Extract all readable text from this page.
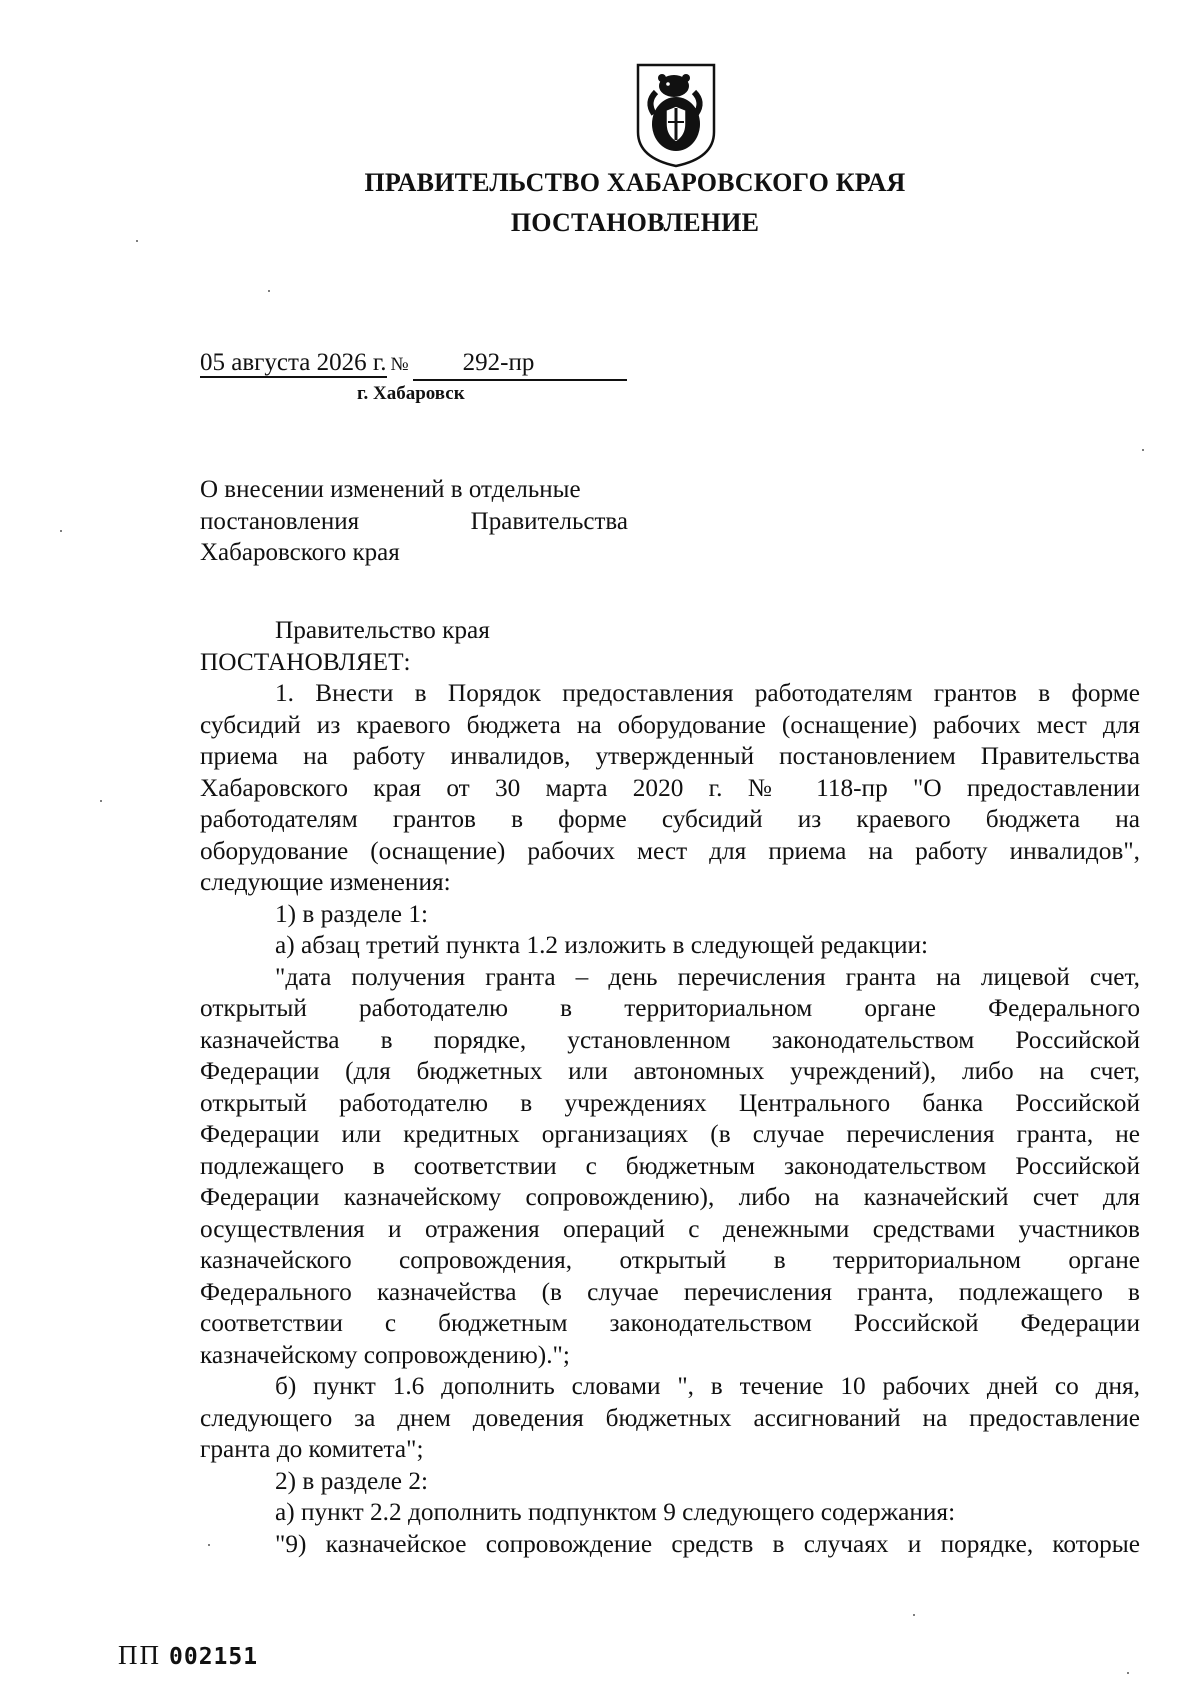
ПРАВИТЕЛЬСТВО ХАБАРОВСКОГО КРАЯ
ПОСТАНОВЛЕНИЕ
05 августа 2026 г. № 292-пр
г. Хабаровск
О внесении изменений в отдельные
постановления	Правительства
Хабаровского края
Правительство края
ПОСТАНОВЛЯЕТ:
1. Внести в Порядок предоставления работодателям грантов в форме
субсидий из краевого бюджета на оборудование (оснащение) рабочих мест для
приема на работу инвалидов, утвержденный постановлением Правительства
Хабаровского края от 30 марта 2020 г. № 118-пр "О предоставлении
работодателям грантов в форме субсидий из краевого бюджета на
оборудование (оснащение) рабочих мест для приема на работу инвалидов",
следующие изменения:
1) в разделе 1:
а) абзац третий пункта 1.2 изложить в следующей редакции:
"дата получения гранта – день перечисления гранта на лицевой счет,
открытый работодателю в территориальном органе Федерального
казначейства в порядке, установленном законодательством Российской
Федерации (для бюджетных или автономных учреждений), либо на счет,
открытый работодателю в учреждениях Центрального банка Российской
Федерации или кредитных организациях (в случае перечисления гранта, не
подлежащего в соответствии с бюджетным законодательством Российской
Федерации казначейскому сопровождению), либо на казначейский счет для
осуществления и отражения операций с денежными средствами участников
казначейского сопровождения, открытый в территориальном органе
Федерального казначейства (в случае перечисления гранта, подлежащего в
соответствии с бюджетным законодательством Российской Федерации
казначейскому сопровождению).";
б) пункт 1.6 дополнить словами ", в течение 10 рабочих дней со дня,
следующего за днем доведения бюджетных ассигнований на предоставление
гранта до комитета";
2) в разделе 2:
а) пункт 2.2 дополнить подпунктом 9 следующего содержания:
"9) казначейское сопровождение средств в случаях и порядке, которые
ПП 002151
